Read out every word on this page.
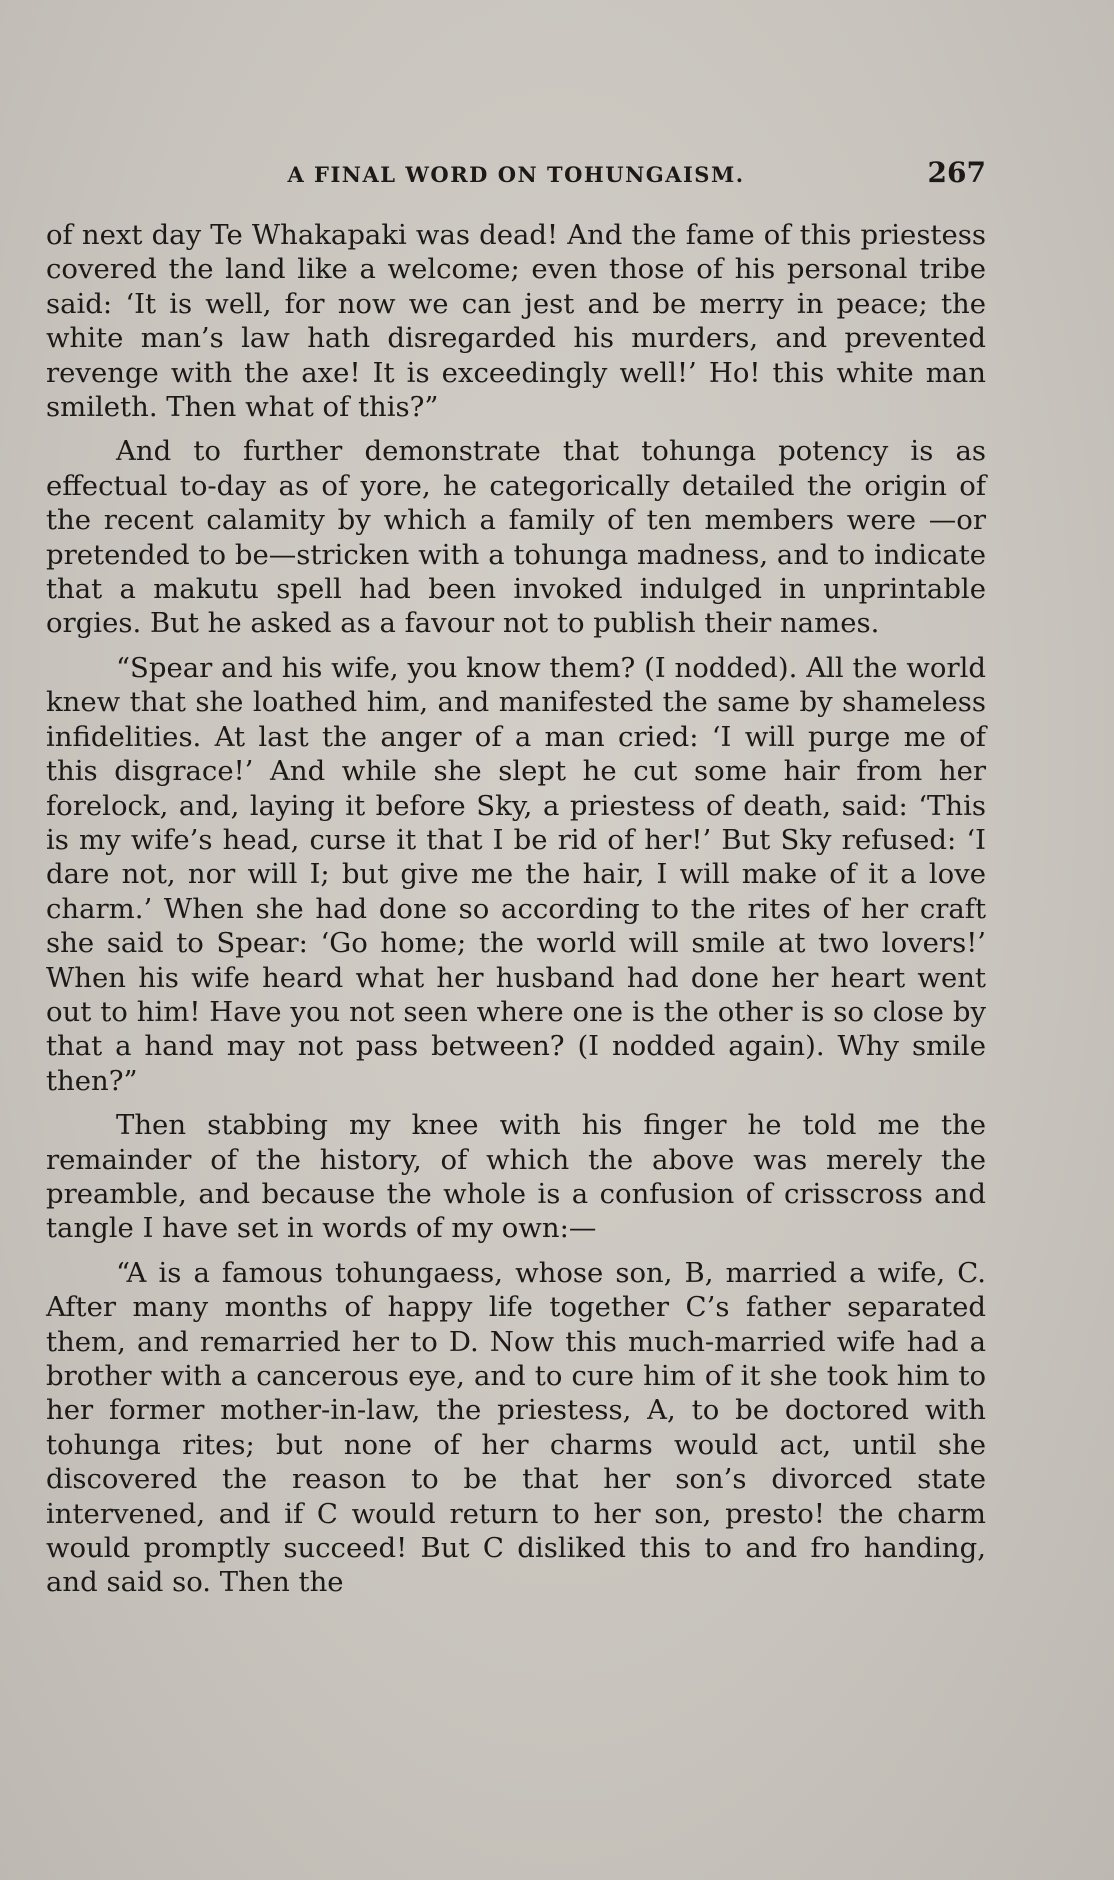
A FINAL WORD ON TOHUNGAISM.	267

of next day Te Whakapaki was dead! And the fame of this priestess covered the land like a welcome; even those of his personal tribe said: ‘It is well, for now we can jest and be merry in peace; the white man’s law hath disregarded his murders, and prevented revenge with the axe! It is exceedingly well!’ Ho! this white man smileth. Then what of this?”

And to further demonstrate that tohunga potency is as effectual to-day as of yore, he categorically detailed the origin of the recent calamity by which a family of ten members were —or pretended to be—stricken with a tohunga madness, and to indicate that a makutu spell had been invoked indulged in unprintable orgies. But he asked as a favour not to publish their names.

“Spear and his wife, you know them? (I nodded). All the world knew that she loathed him, and manifested the same by shameless infidelities. At last the anger of a man cried: ‘I will purge me of this disgrace!’ And while she slept he cut some hair from her forelock, and, laying it before Sky, a priestess of death, said: ‘This is my wife’s head, curse it that I be rid of her!’ But Sky refused: ‘I dare not, nor will I; but give me the hair, I will make of it a love charm.’ When she had done so according to the rites of her craft she said to Spear: ‘Go home; the world will smile at two lovers!’ When his wife heard what her husband had done her heart went out to him! Have you not seen where one is the other is so close by that a hand may not pass between? (I nodded again). Why smile then?”

Then stabbing my knee with his finger he told me the remainder of the history, of which the above was merely the preamble, and because the whole is a confusion of crisscross and tangle I have set in words of my own:—

“A is a famous tohungaess, whose son, B, married a wife, C. After many months of happy life together C’s father separated them, and remarried her to D. Now this much-married wife had a brother with a cancerous eye, and to cure him of it she took him to her former mother-in-law, the priestess, A, to be doctored with tohunga rites; but none of her charms would act, until she discovered the reason to be that her son’s divorced state intervened, and if C would return to her son, presto! the charm would promptly succeed! But C disliked this to and fro handing, and said so. Then the
